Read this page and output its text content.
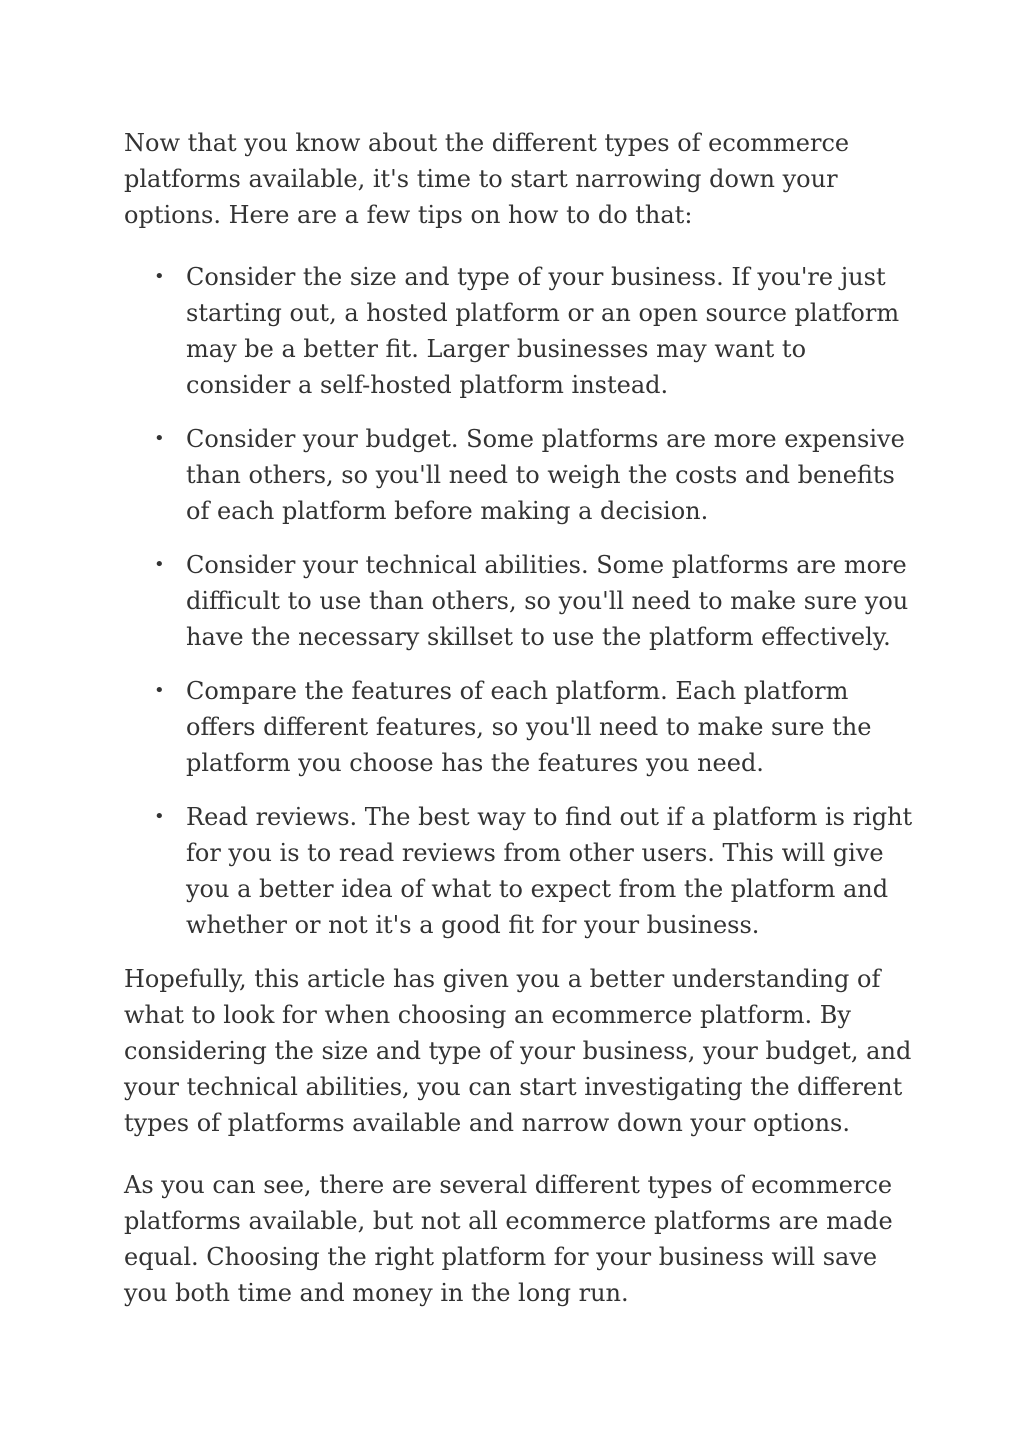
Now that you know about the different types of ecommerce platforms available, it's time to start narrowing down your options. Here are a few tips on how to do that:

• Consider the size and type of your business. If you're just starting out, a hosted platform or an open source platform may be a better fit. Larger businesses may want to consider a self-hosted platform instead.
• Consider your budget. Some platforms are more expensive than others, so you'll need to weigh the costs and benefits of each platform before making a decision.
• Consider your technical abilities. Some platforms are more difficult to use than others, so you'll need to make sure you have the necessary skillset to use the platform effectively.
• Compare the features of each platform. Each platform offers different features, so you'll need to make sure the platform you choose has the features you need.
• Read reviews. The best way to find out if a platform is right for you is to read reviews from other users. This will give you a better idea of what to expect from the platform and whether or not it's a good fit for your business.

Hopefully, this article has given you a better understanding of what to look for when choosing an ecommerce platform. By considering the size and type of your business, your budget, and your technical abilities, you can start investigating the different types of platforms available and narrow down your options.

As you can see, there are several different types of ecommerce platforms available, but not all ecommerce platforms are made equal. Choosing the right platform for your business will save you both time and money in the long run.
